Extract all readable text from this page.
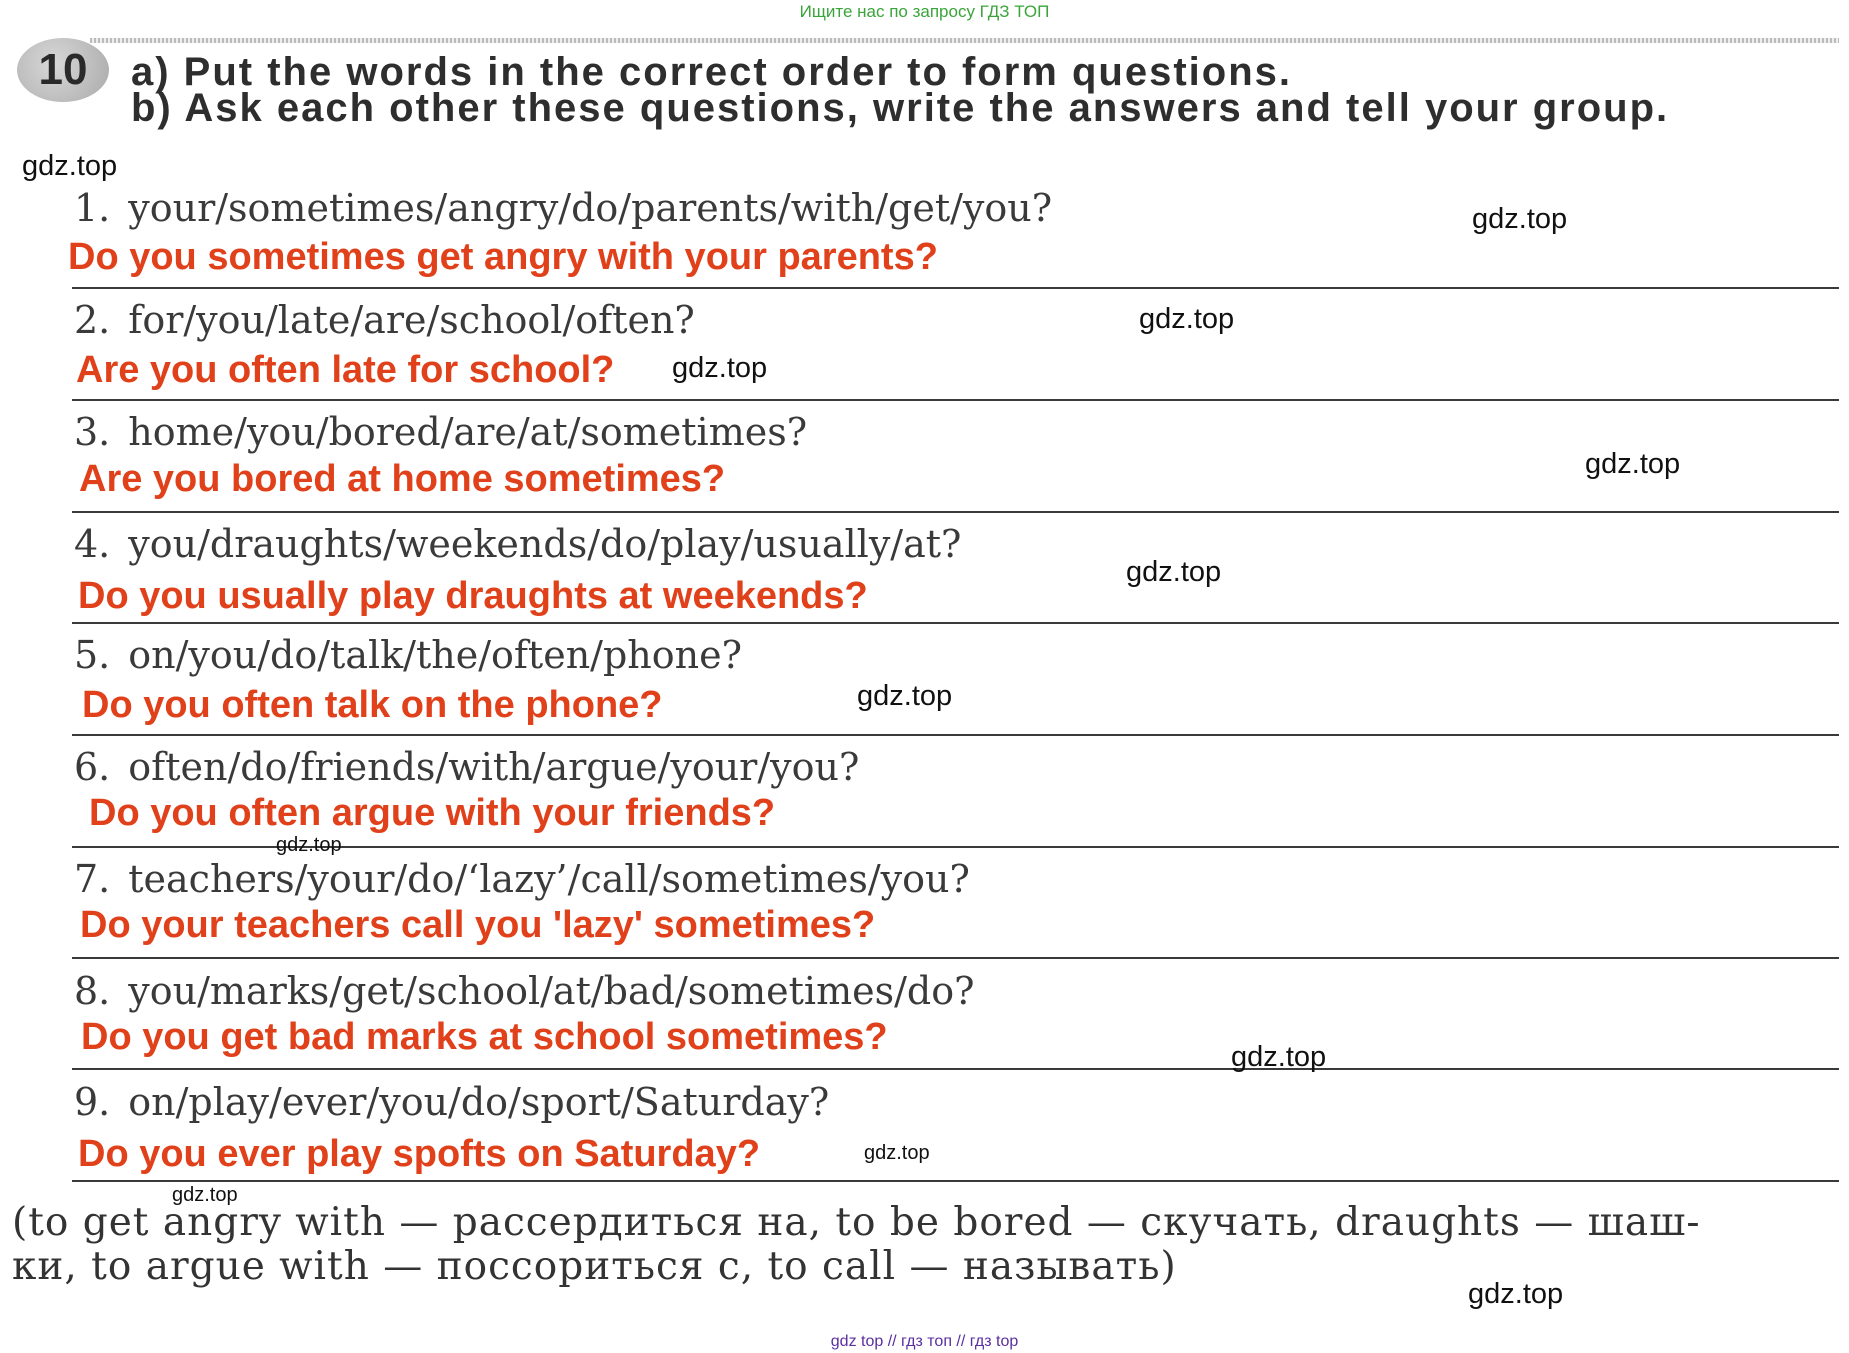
Ищите нас по запросу ГДЗ ТОП
10 a) Put the words in the correct order to form questions.
b) Ask each other these questions, write the answers and tell your group.
1. your/sometimes/angry/do/parents/with/get/you?
Do you sometimes get angry with your parents?
2. for/you/late/are/school/often?
Are you often late for school?
3. home/you/bored/are/at/sometimes?
Are you bored at home sometimes?
4. you/draughts/weekends/do/play/usually/at?
Do you usually play draughts at weekends?
5. on/you/do/talk/the/often/phone?
Do you often talk on the phone?
6. often/do/friends/with/argue/your/you?
Do you often argue with your friends?
7. teachers/your/do/‘lazy’/call/sometimes/you?
Do your teachers call you 'lazy' sometimes?
8. you/marks/get/school/at/bad/sometimes/do?
Do you get bad marks at school sometimes?
9. on/play/ever/you/do/sport/Saturday?
Do you ever play spofts on Saturday?
(to get angry with — рассердиться на, to be bored — скучать, draughts — шаш-
ки, to argue with — поссориться с, to call — называть)
gdz.top
gdz.top
gdz.top
gdz.top
gdz.top
gdz.top
gdz.top
gdz.top
gdz.top
gdz.top
gdz.top
gdz.top
gdz top // гдз топ // гдз top
